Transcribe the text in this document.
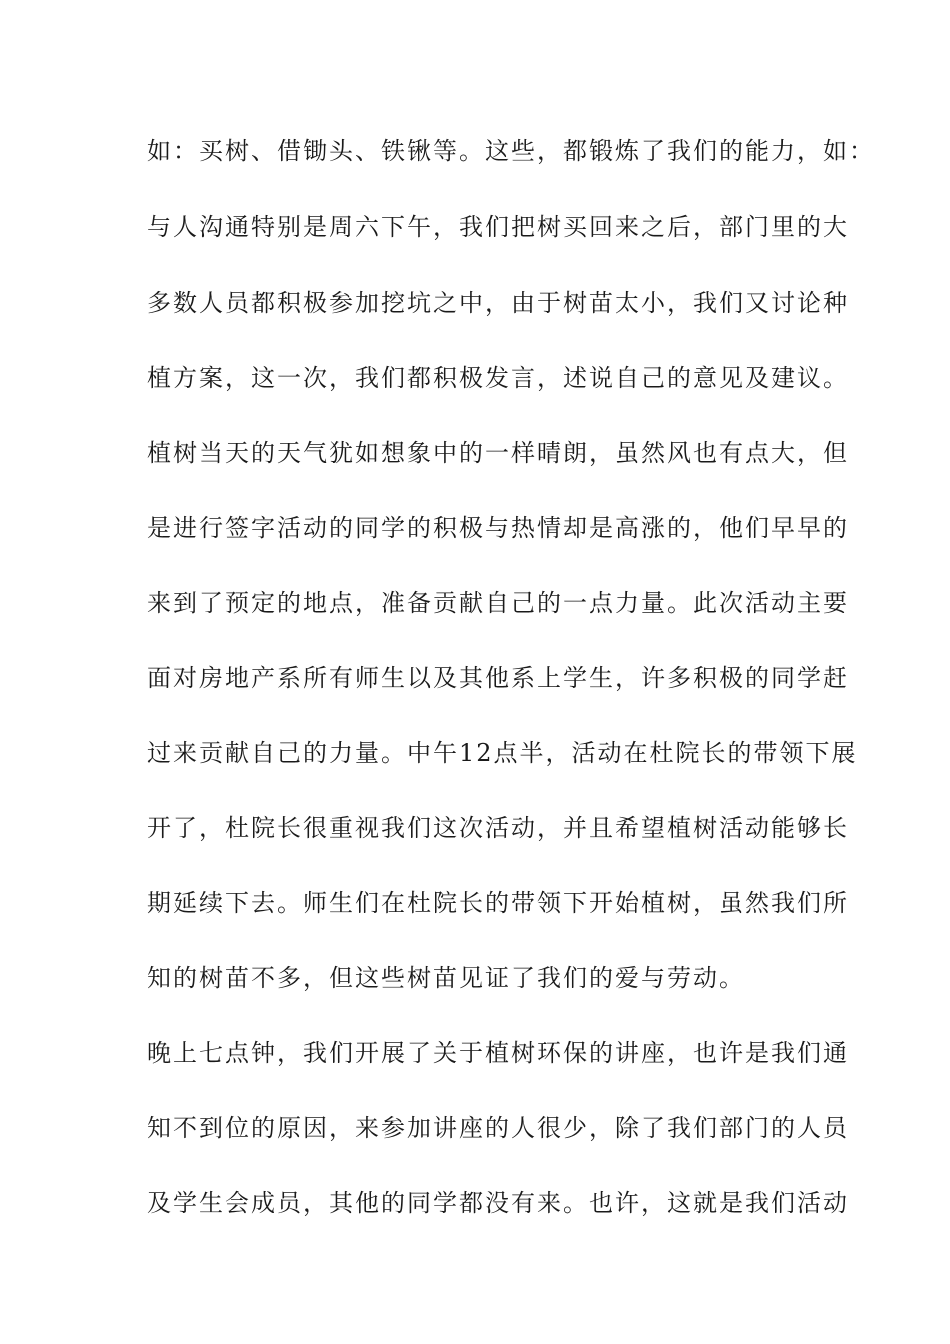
如：买树、借锄头、铁锹等。这些，都锻炼了我们的能力，如：
与人沟通特别是周六下午，我们把树买回来之后，部门里的大
多数人员都积极参加挖坑之中，由于树苗太小，我们又讨论种
植方案，这一次，我们都积极发言，述说自己的意见及建议。
植树当天的天气犹如想象中的一样晴朗，虽然风也有点大，但
是进行签字活动的同学的积极与热情却是高涨的，他们早早的
来到了预定的地点，准备贡献自己的一点力量。此次活动主要
面对房地产系所有师生以及其他系上学生，许多积极的同学赶
过来贡献自己的力量。中午12点半，活动在杜院长的带领下展
开了，杜院长很重视我们这次活动，并且希望植树活动能够长
期延续下去。师生们在杜院长的带领下开始植树，虽然我们所
知的树苗不多，但这些树苗见证了我们的爱与劳动。
晚上七点钟，我们开展了关于植树环保的讲座，也许是我们通
知不到位的原因，来参加讲座的人很少，除了我们部门的人员
及学生会成员，其他的同学都没有来。也许，这就是我们活动
